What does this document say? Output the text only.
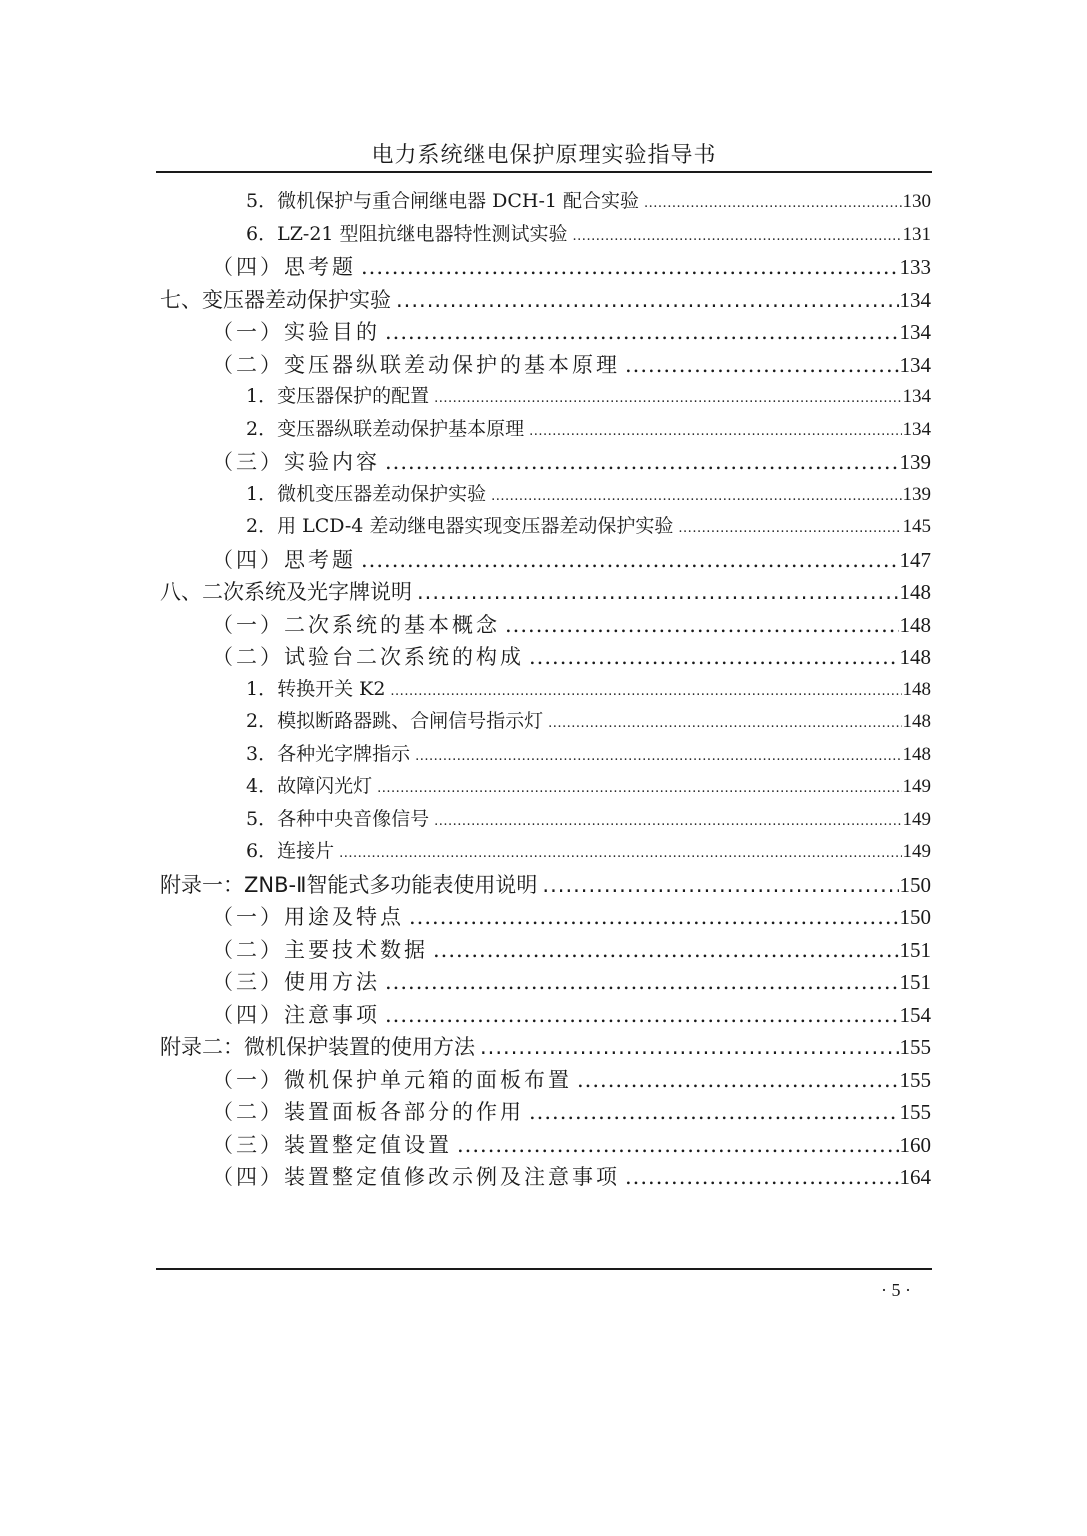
电力系统继电保护原理实验指导书
5．微机保护与重合闸继电器 DCH-1 配合实验 .....	130
6．LZ-21 型阻抗继电器特性测试实验 .....	131
（四）思考题 .....	133
七、变压器差动保护实验 .....	134
（一）实验目的 .....	134
（二）变压器纵联差动保护的基本原理 .....	134
1．变压器保护的配置 .....	134
2．变压器纵联差动保护基本原理 .....	134
（三）实验内容 .....	139
1．微机变压器差动保护实验 .....	139
2．用 LCD-4 差动继电器实现变压器差动保护实验 .....	145
（四）思考题 .....	147
八、二次系统及光字牌说明 .....	148
（一）二次系统的基本概念 .....	148
（二）试验台二次系统的构成 .....	148
1．转换开关 K2 .....	148
2．模拟断路器跳、合闸信号指示灯 .....	148
3．各种光字牌指示 .....	148
4．故障闪光灯 .....	149
5．各种中央音像信号 .....	149
6．连接片 .....	149
附录一：ZNB-Ⅱ智能式多功能表使用说明 .....	150
（一）用途及特点 .....	150
（二）主要技术数据 .....	151
（三）使用方法 .....	151
（四）注意事项 .....	154
附录二：微机保护装置的使用方法 .....	155
（一）微机保护单元箱的面板布置 .....	155
（二）装置面板各部分的作用 .....	155
（三）装置整定值设置 .....	160
（四）装置整定值修改示例及注意事项 .....	164
· 5 ·
